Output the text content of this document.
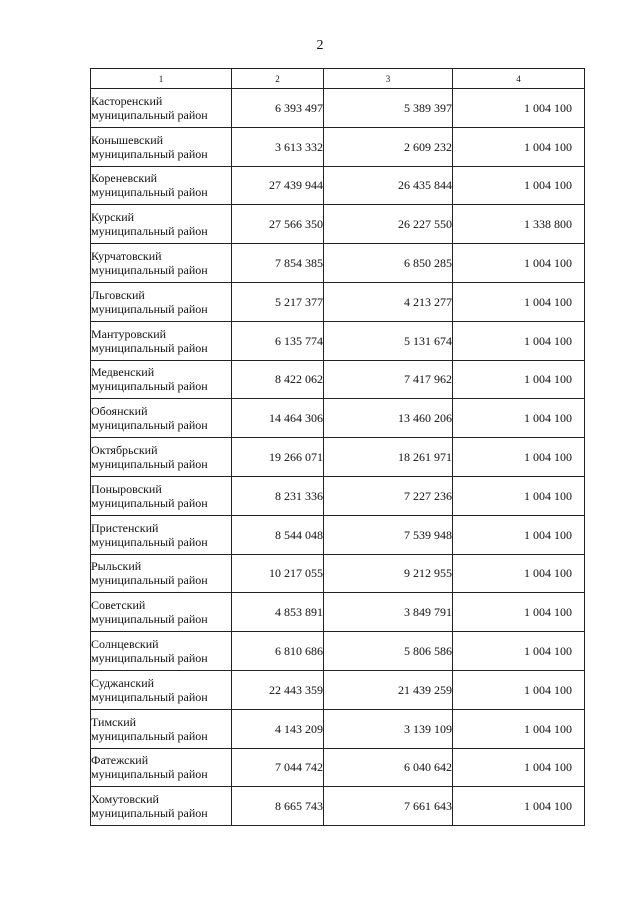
2
1	2	3	4

Касторенский
муниципальный район	6 393 497	5 389 397	1 004 100

Конышевский
муниципальный район	3 613 332	2 609 232	1 004 100

Кореневский
муниципальный район	27 439 944	26 435 844	1 004 100

Курский
муниципальный район	27 566 350	26 227 550	1 338 800

Курчатовский
муниципальный район	7 854 385	6 850 285	1 004 100

Льговский
муниципальный район	5 217 377	4 213 277	1 004 100

Мантуровский
муниципальный район	6 135 774	5 131 674	1 004 100

Медвенский
муниципальный район	8 422 062	7 417 962	1 004 100

Обоянский
муниципальный район	14 464 306	13 460 206	1 004 100

Октябрьский
муниципальный район	19 266 071	18 261 971	1 004 100

Поныровский
муниципальный район	8 231 336	7 227 236	1 004 100

Пристенский
муниципальный район	8 544 048	7 539 948	1 004 100

Рыльский
муниципальный район	10 217 055	9 212 955	1 004 100

Советский
муниципальный район	4 853 891	3 849 791	1 004 100

Солнцевский
муниципальный район	6 810 686	5 806 586	1 004 100

Суджанский
муниципальный район	22 443 359	21 439 259	1 004 100

Тимский
муниципальный район	4 143 209	3 139 109	1 004 100

Фатежский
муниципальный район	7 044 742	6 040 642	1 004 100

Хомутовский
муниципальный район	8 665 743	7 661 643	1 004 100
